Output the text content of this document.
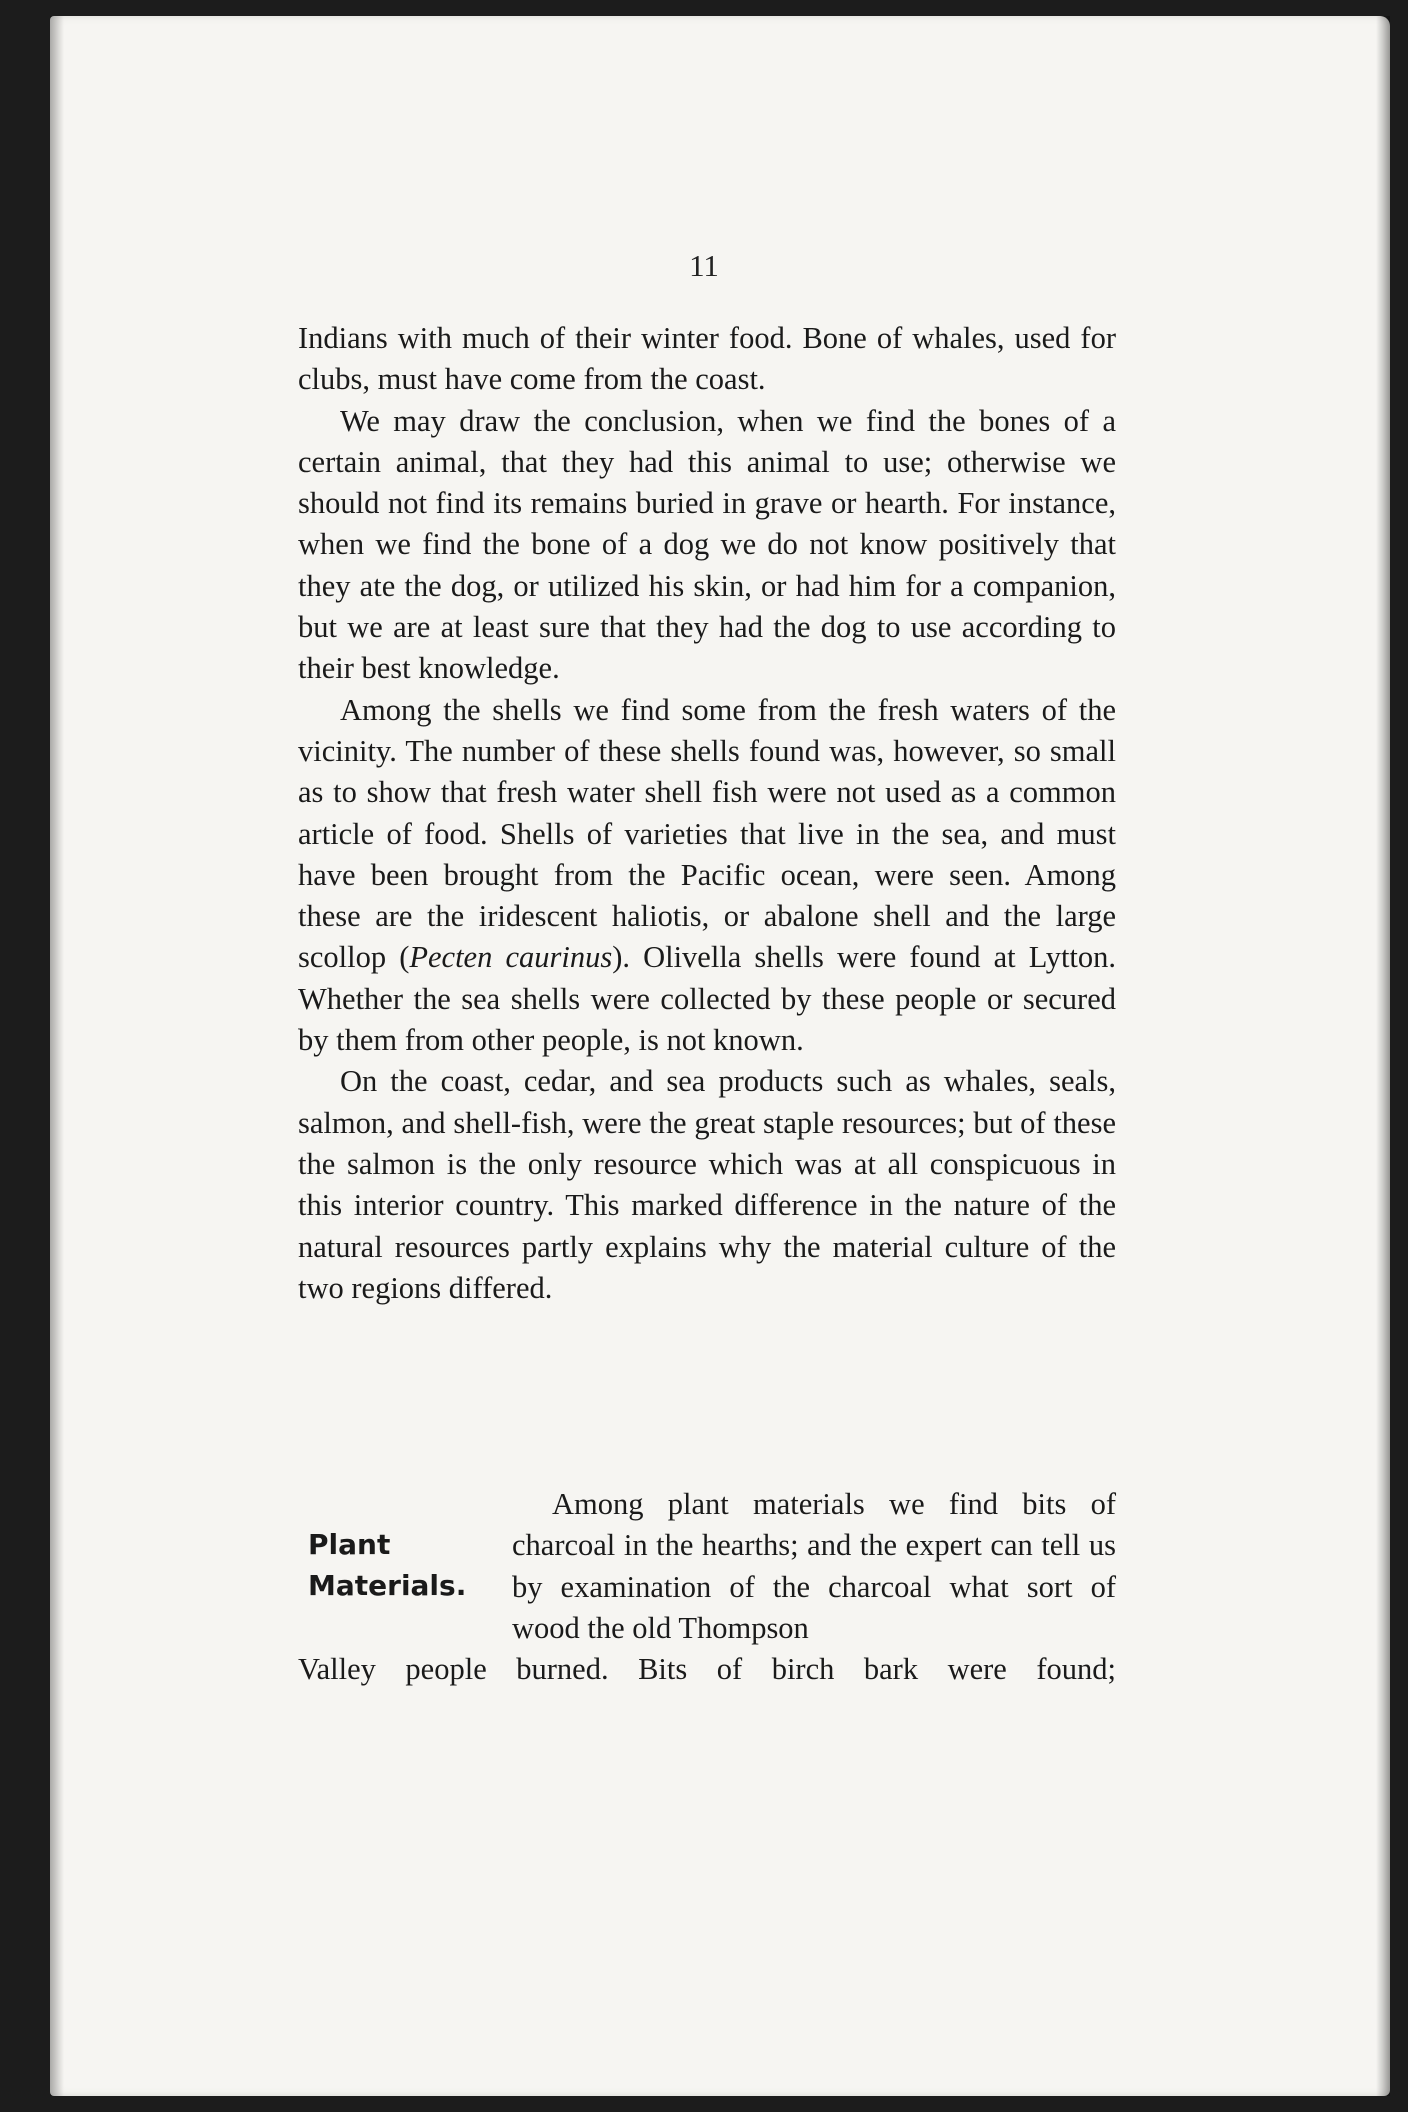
11

Indians with much of their winter food. Bone of whales, used for clubs, must have come from the coast.

We may draw the conclusion, when we find the bones of a certain animal, that they had this animal to use; otherwise we should not find its remains buried in grave or hearth. For instance, when we find the bone of a dog we do not know positively that they ate the dog, or utilized his skin, or had him for a companion, but we are at least sure that they had the dog to use according to their best knowledge.

Among the shells we find some from the fresh waters of the vicinity. The number of these shells found was, however, so small as to show that fresh water shell fish were not used as a common article of food. Shells of varieties that live in the sea, and must have been brought from the Pacific ocean, were seen. Among these are the iridescent haliotis, or abalone shell and the large scollop (Pecten caurinus). Olivella shells were found at Lytton. Whether the sea shells were collected by these people or secured by them from other people, is not known.

On the coast, cedar, and sea products such as whales, seals, salmon, and shell-fish, were the great staple resources; but of these the salmon is the only resource which was at all conspicuous in this interior country. This marked difference in the nature of the natural resources partly explains why the material culture of the two regions differed.

Plant
Materials.

Among plant materials we find bits of charcoal in the hearths; and the expert can tell us by examination of the charcoal what sort of wood the old Thompson

Valley people burned. Bits of birch bark were found;
